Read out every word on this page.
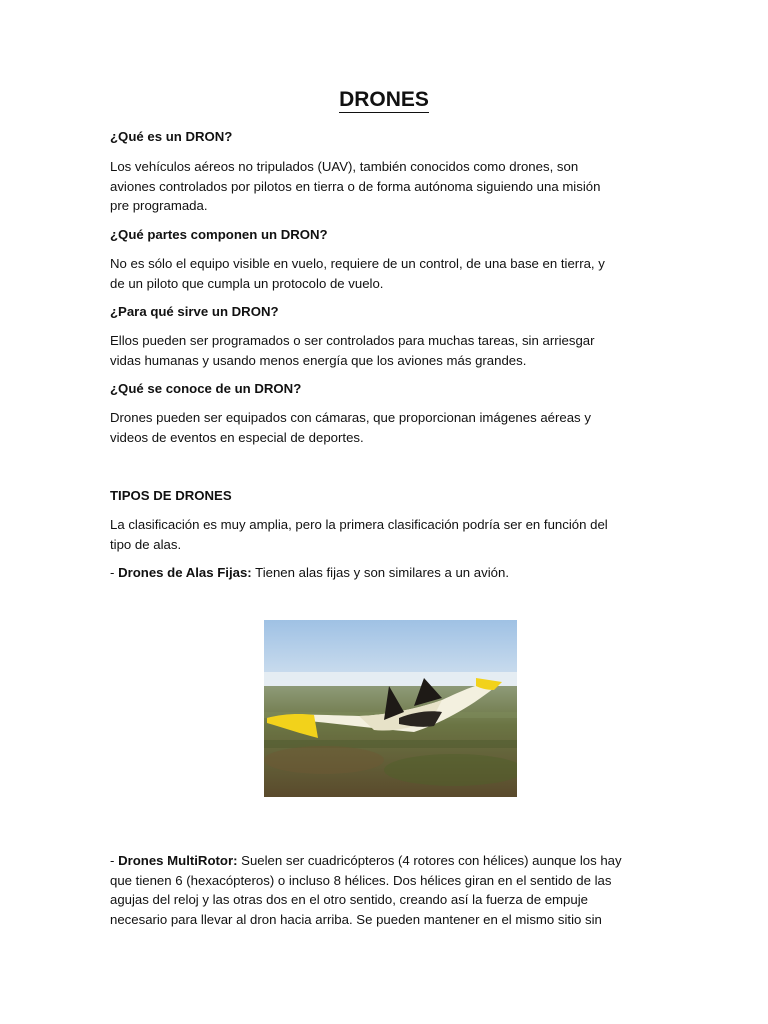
DRONES

¿Qué es un DRON?

Los vehículos aéreos no tripulados (UAV), también conocidos como drones, son
aviones controlados por pilotos en tierra o de forma autónoma siguiendo una misión
pre programada.

¿Qué partes componen un DRON?

No es sólo el equipo visible en vuelo, requiere de un control, de una base en tierra, y
de un piloto que cumpla un protocolo de vuelo.

¿Para qué sirve un DRON?

Ellos pueden ser programados o ser controlados para muchas tareas, sin arriesgar
vidas humanas y usando menos energía que los aviones más grandes.

¿Qué se conoce de un DRON?

Drones pueden ser equipados con cámaras, que proporcionan imágenes aéreas y
videos de eventos en especial de deportes.

TIPOS DE DRONES

La clasificación es muy amplia, pero la primera clasificación podría ser en función del
tipo de alas.
- Drones de Alas Fijas: Tienen alas fijas y son similares a un avión.
- Drones MultiRotor: Suelen ser cuadricópteros (4 rotores con hélices) aunque los hay
que tienen 6 (hexacópteros) o incluso 8 hélices. Dos hélices giran en el sentido de las
agujas del reloj y las otras dos en el otro sentido, creando así la fuerza de empuje
necesario para llevar al dron hacia arriba. Se pueden mantener en el mismo sitio sin
